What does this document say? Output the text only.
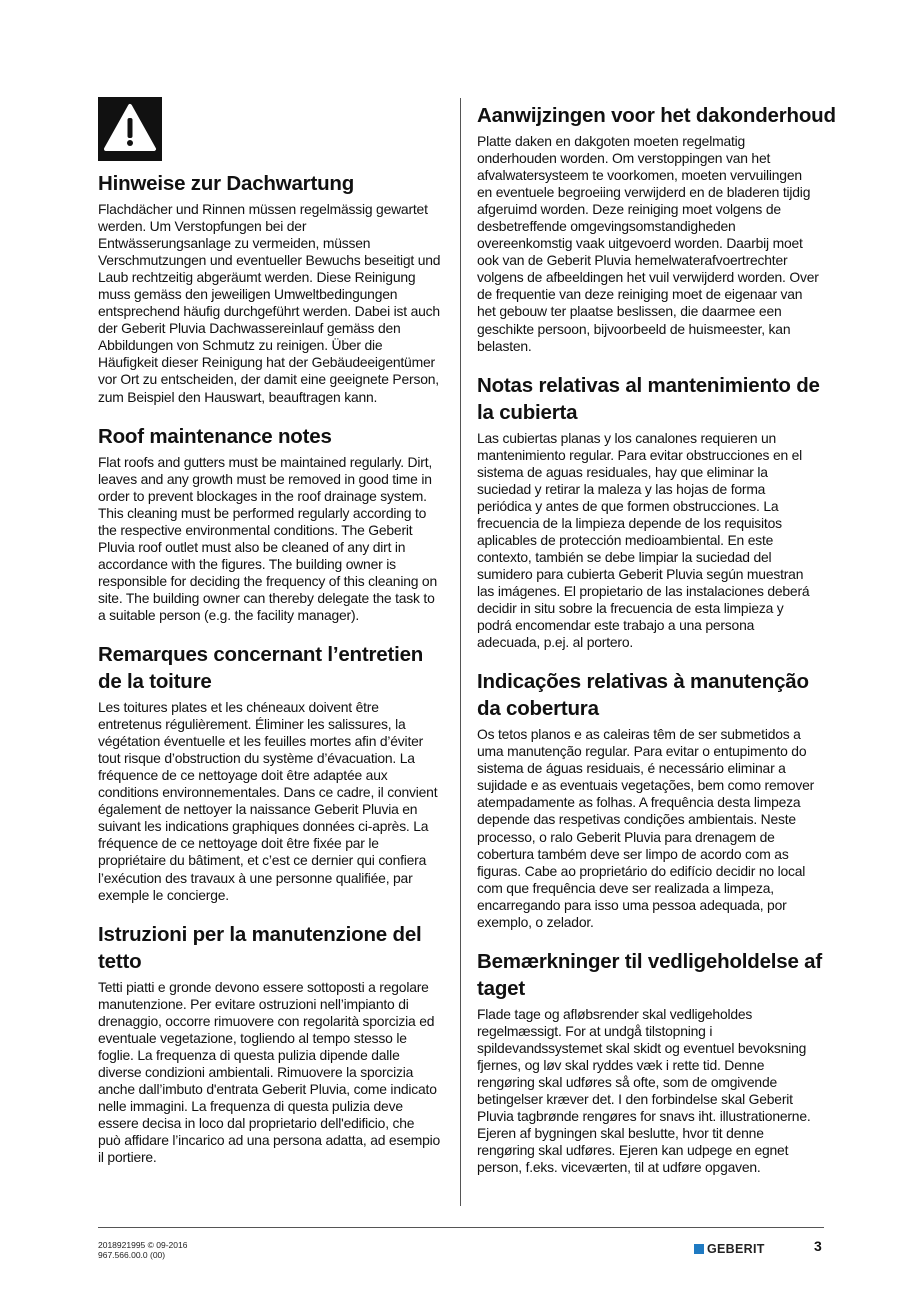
Hinweise zur Dachwartung

Flachdächer und Rinnen müssen regelmässig gewartet
werden. Um Verstopfungen bei der
Entwässerungsanlage zu vermeiden, müssen
Verschmutzungen und eventueller Bewuchs beseitigt und
Laub rechtzeitig abgeräumt werden. Diese Reinigung
muss gemäss den jeweiligen Umweltbedingungen
entsprechend häufig durchgeführt werden. Dabei ist auch
der Geberit Pluvia Dachwassereinlauf gemäss den
Abbildungen von Schmutz zu reinigen. Über die
Häufigkeit dieser Reinigung hat der Gebäudeeigentümer
vor Ort zu entscheiden, der damit eine geeignete Person,
zum Beispiel den Hauswart, beauftragen kann.

Roof maintenance notes

Flat roofs and gutters must be maintained regularly. Dirt,
leaves and any growth must be removed in good time in
order to prevent blockages in the roof drainage system.
This cleaning must be performed regularly according to
the respective environmental conditions. The Geberit
Pluvia roof outlet must also be cleaned of any dirt in
accordance with the figures. The building owner is
responsible for deciding the frequency of this cleaning on
site. The building owner can thereby delegate the task to
a suitable person (e.g. the facility manager).

Remarques concernant l’entretien
de la toiture

Les toitures plates et les chéneaux doivent être
entretenus régulièrement. Éliminer les salissures, la
végétation éventuelle et les feuilles mortes afin d’éviter
tout risque d’obstruction du système d’évacuation. La
fréquence de ce nettoyage doit être adaptée aux
conditions environnementales. Dans ce cadre, il convient
également de nettoyer la naissance Geberit Pluvia en
suivant les indications graphiques données ci-après. La
fréquence de ce nettoyage doit être fixée par le
propriétaire du bâtiment, et c’est ce dernier qui confiera
l’exécution des travaux à une personne qualifiée, par
exemple le concierge.

Istruzioni per la manutenzione del
tetto

Tetti piatti e gronde devono essere sottoposti a regolare
manutenzione. Per evitare ostruzioni nell’impianto di
drenaggio, occorre rimuovere con regolarità sporcizia ed
eventuale vegetazione, togliendo al tempo stesso le
foglie. La frequenza di questa pulizia dipende dalle
diverse condizioni ambientali. Rimuovere la sporcizia
anche dall’imbuto d'entrata Geberit Pluvia, come indicato
nelle immagini. La frequenza di questa pulizia deve
essere decisa in loco dal proprietario dell'edificio, che
può affidare l’incarico ad una persona adatta, ad esempio
il portiere.

Aanwijzingen voor het dakonderhoud

Platte daken en dakgoten moeten regelmatig
onderhouden worden. Om verstoppingen van het
afvalwatersysteem te voorkomen, moeten vervuilingen
en eventuele begroeiing verwijderd en de bladeren tijdig
afgeruimd worden. Deze reiniging moet volgens de
desbetreffende omgevingsomstandigheden
overeenkomstig vaak uitgevoerd worden. Daarbij moet
ook van de Geberit Pluvia hemelwaterafvoertrechter
volgens de afbeeldingen het vuil verwijderd worden. Over
de frequentie van deze reiniging moet de eigenaar van
het gebouw ter plaatse beslissen, die daarmee een
geschikte persoon, bijvoorbeeld de huismeester, kan
belasten.

Notas relativas al mantenimiento de
la cubierta

Las cubiertas planas y los canalones requieren un
mantenimiento regular. Para evitar obstrucciones en el
sistema de aguas residuales, hay que eliminar la
suciedad y retirar la maleza y las hojas de forma
periódica y antes de que formen obstrucciones. La
frecuencia de la limpieza depende de los requisitos
aplicables de protección medioambiental. En este
contexto, también se debe limpiar la suciedad del
sumidero para cubierta Geberit Pluvia según muestran
las imágenes. El propietario de las instalaciones deberá
decidir in situ sobre la frecuencia de esta limpieza y
podrá encomendar este trabajo a una persona
adecuada, p.ej. al portero.

Indicações relativas à manutenção
da cobertura

Os tetos planos e as caleiras têm de ser submetidos a
uma manutenção regular. Para evitar o entupimento do
sistema de águas residuais, é necessário eliminar a
sujidade e as eventuais vegetações, bem como remover
atempadamente as folhas. A frequência desta limpeza
depende das respetivas condições ambientais. Neste
processo, o ralo Geberit Pluvia para drenagem de
cobertura também deve ser limpo de acordo com as
figuras. Cabe ao proprietário do edifício decidir no local
com que frequência deve ser realizada a limpeza,
encarregando para isso uma pessoa adequada, por
exemplo, o zelador.

Bemærkninger til vedligeholdelse af
taget

Flade tage og afløbsrender skal vedligeholdes
regelmæssigt. For at undgå tilstopning i
spildevandssystemet skal skidt og eventuel bevoksning
fjernes, og løv skal ryddes væk i rette tid. Denne
rengøring skal udføres så ofte, som de omgivende
betingelser kræver det. I den forbindelse skal Geberit
Pluvia tagbrønde rengøres for snavs iht. illustrationerne.
Ejeren af bygningen skal beslutte, hvor tit denne
rengøring skal udføres. Ejeren kan udpege en egnet
person, f.eks. viceværten, til at udføre opgaven.

2018921995 © 09-2016
967.566.00.0 (00)	GEBERIT	3
